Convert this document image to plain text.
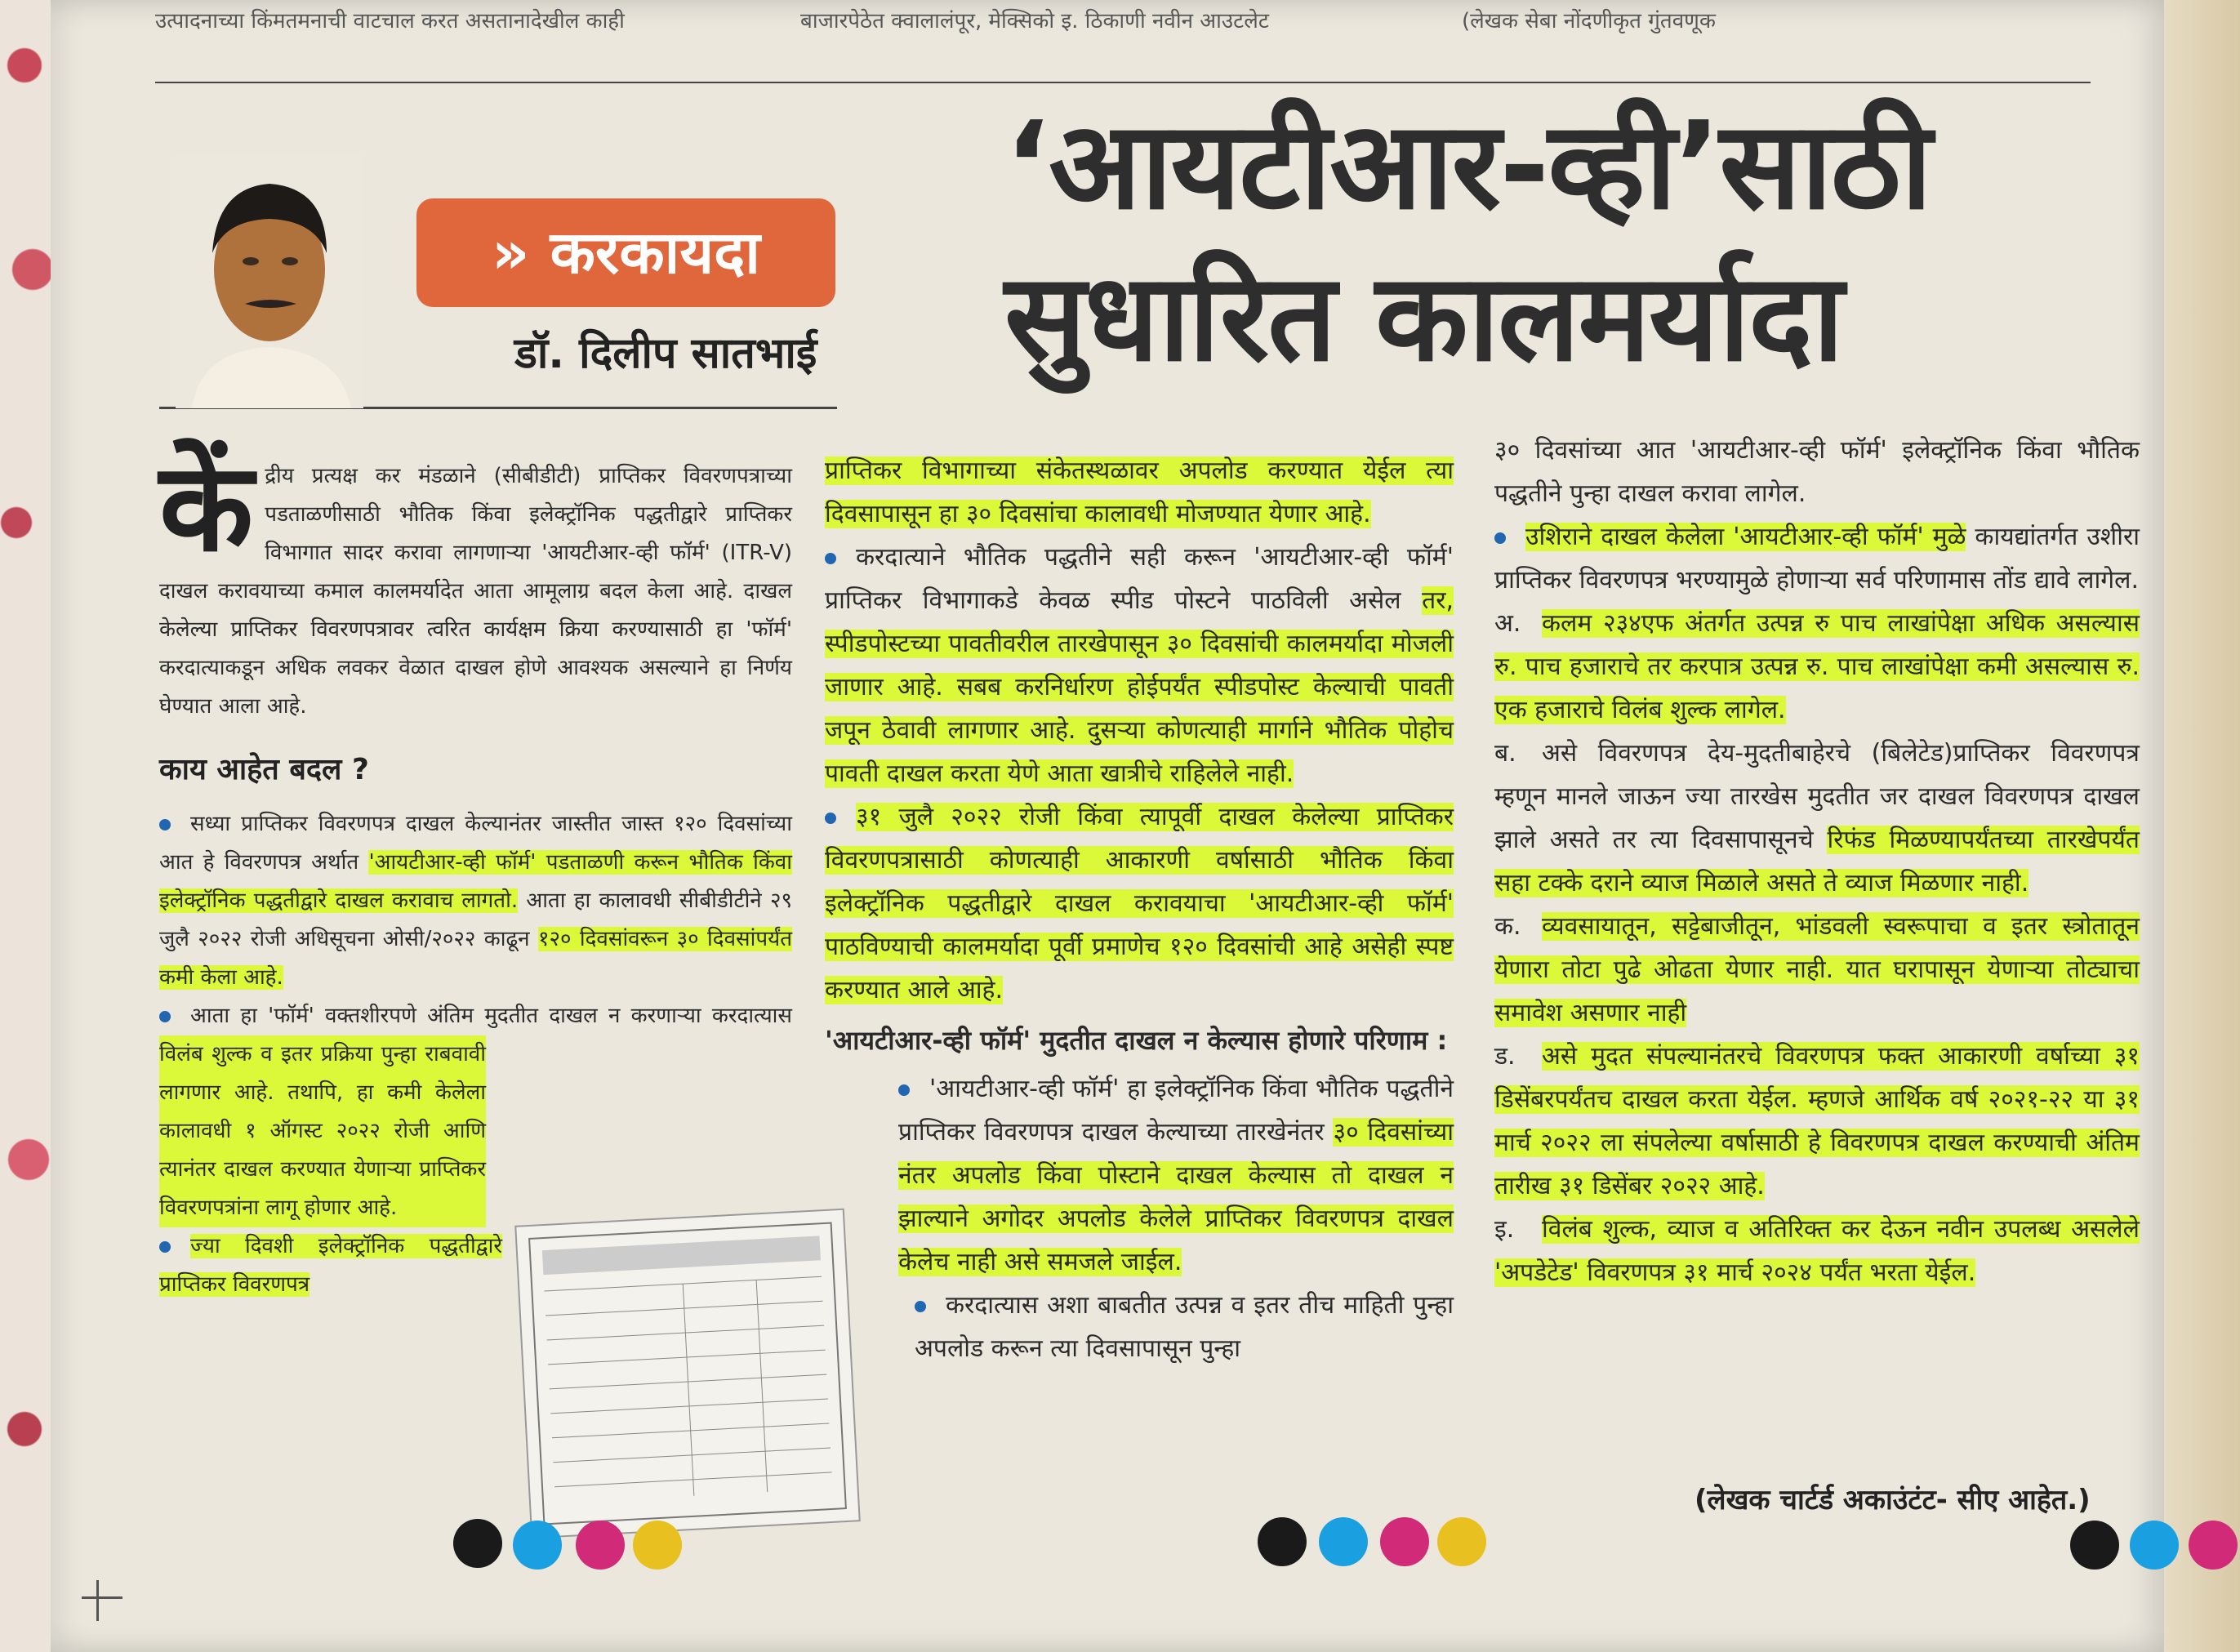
उत्पादनाच्या किंमतमनाची वाटचाल करत असतानादेखील काही	बाजारपेठेत क्वालालंपूर, मेक्सिको इ. ठिकाणी नवीन आउटलेट	(लेखक सेबा नोंदणीकृत गुंतवणूक
» करकायदा
डॉ. दिलीप सातभाई
‘आयटीआर-व्ही’साठी
सुधारित कालमर्यादा

कें द्रीय प्रत्यक्ष कर मंडळाने (सीबीडीटी) प्राप्तिकर विवरणपत्राच्या पडताळणीसाठी भौतिक किंवा इलेक्ट्रॉनिक पद्धतीद्वारे प्राप्तिकर विभागात सादर करावा लागणाऱ्या 'आयटीआर-व्ही फॉर्म' (ITR-V) दाखल करावयाच्या कमाल कालमर्यादेत आता आमूलाग्र बदल केला आहे. दाखल केलेल्या प्राप्तिकर विवरणपत्रावर त्वरित कार्यक्षम क्रिया करण्यासाठी हा 'फॉर्म' करदात्याकडून अधिक लवकर वेळात दाखल होणे आवश्यक असल्याने हा निर्णय घेण्यात आला आहे.

काय आहेत बदल ?

सध्या प्राप्तिकर विवरणपत्र दाखल केल्यानंतर जास्तीत जास्त १२० दिवसांच्या आत हे विवरणपत्र अर्थात 'आयटीआर-व्ही फॉर्म' पडताळणी करून भौतिक किंवा इलेक्ट्रॉनिक पद्धतीद्वारे दाखल करावाच लागतो. आता हा कालावधी सीबीडीटीने २९ जुलै २०२२ रोजी अधिसूचना ओसी/२०२२ काढून १२० दिवसांवरून ३० दिवसांपर्यंत कमी केला आहे.

आता हा 'फॉर्म' वक्तशीरपणे अंतिम मुदतीत दाखल न करणाऱ्या करदात्यास विलंब शुल्क व इतर प्रक्रिया पुन्हा राबवावी लागणार आहे. तथापि, हा कमी केलेला कालावधी १ ऑगस्ट २०२२ रोजी आणि त्यानंतर दाखल करण्यात येणाऱ्या प्राप्तिकर विवरणपत्रांना लागू होणार आहे.

ज्या दिवशी इलेक्ट्रॉनिक पद्धतीद्वारे प्राप्तिकर विवरणपत्र

प्राप्तिकर विभागाच्या संकेतस्थळावर अपलोड करण्यात येईल त्या दिवसापासून हा ३० दिवसांचा कालावधी मोजण्यात येणार आहे.

करदात्याने भौतिक पद्धतीने सही करून 'आयटीआर-व्ही फॉर्म' प्राप्तिकर विभागाकडे केवळ स्पीड पोस्टने पाठविली असेल तर, स्पीडपोस्टच्या पावतीवरील तारखेपासून ३० दिवसांची कालमर्यादा मोजली जाणार आहे. सबब करनिर्धारण होईपर्यंत स्पीडपोस्ट केल्याची पावती जपून ठेवावी लागणार आहे. दुसऱ्या कोणत्याही मार्गाने भौतिक पोहोच पावती दाखल करता येणे आता खात्रीचे राहिलेले नाही.

३१ जुलै २०२२ रोजी किंवा त्यापूर्वी दाखल केलेल्या प्राप्तिकर विवरणपत्रासाठी कोणत्याही आकारणी वर्षासाठी भौतिक किंवा इलेक्ट्रॉनिक पद्धतीद्वारे दाखल करावयाचा 'आयटीआर-व्ही फॉर्म' पाठविण्याची कालमर्यादा पूर्वी प्रमाणेच १२० दिवसांची आहे असेही स्पष्ट करण्यात आले आहे.

'आयटीआर-व्ही फॉर्म' मुदतीत दाखल न केल्यास होणारे परिणाम :

'आयटीआर-व्ही फॉर्म' हा इलेक्ट्रॉनिक किंवा भौतिक पद्धतीने प्राप्तिकर विवरणपत्र दाखल केल्याच्या तारखेनंतर ३० दिवसांच्या नंतर अपलोड किंवा पोस्टाने दाखल केल्यास तो दाखल न झाल्याने अगोदर अपलोड केलेले प्राप्तिकर विवरणपत्र दाखल केलेच नाही असे समजले जाईल.

करदात्यास अशा बाबतीत उत्पन्न व इतर तीच माहिती पुन्हा अपलोड करून त्या दिवसापासून पुन्हा

३० दिवसांच्या आत 'आयटीआर-व्ही फॉर्म' इलेक्ट्रॉनिक किंवा भौतिक पद्धतीने पुन्हा दाखल करावा लागेल.

उशिराने दाखल केलेला 'आयटीआर-व्ही फॉर्म' मुळे कायद्यांतर्गत उशीरा प्राप्तिकर विवरणपत्र भरण्यामुळे होणाऱ्या सर्व परिणामास तोंड द्यावे लागेल.

अ. कलम २३४एफ अंतर्गत उत्पन्न रु पाच लाखांपेक्षा अधिक असल्यास रु. पाच हजाराचे तर करपात्र उत्पन्न रु. पाच लाखांपेक्षा कमी असल्यास रु. एक हजाराचे विलंब शुल्क लागेल.

ब. असे विवरणपत्र देय-मुदतीबाहेरचे (बिलेटेड)प्राप्तिकर विवरणपत्र म्हणून मानले जाऊन ज्या तारखेस मुदतीत जर दाखल विवरणपत्र दाखल झाले असते तर त्या दिवसापासूनचे रिफंड मिळण्यापर्यंतच्या तारखेपर्यंत सहा टक्के दराने व्याज मिळाले असते ते व्याज मिळणार नाही.

क. व्यवसायातून, सट्टेबाजीतून, भांडवली स्वरूपाचा व इतर स्त्रोतातून येणारा तोटा पुढे ओढता येणार नाही. यात घरापासून येणाऱ्या तोट्याचा समावेश असणार नाही

ड. असे मुदत संपल्यानंतरचे विवरणपत्र फक्त आकारणी वर्षाच्या ३१ डिसेंबरपर्यंतच दाखल करता येईल. म्हणजे आर्थिक वर्ष २०२१-२२ या ३१ मार्च २०२२ ला संपलेल्या वर्षासाठी हे विवरणपत्र दाखल करण्याची अंतिम तारीख ३१ डिसेंबर २०२२ आहे.

इ. विलंब शुल्क, व्याज व अतिरिक्त कर देऊन नवीन उपलब्ध असलेले 'अपडेटेड' विवरणपत्र ३१ मार्च २०२४ पर्यंत भरता येईल.

(लेखक चार्टर्ड अकाउंटंट- सीए आहेत.)
